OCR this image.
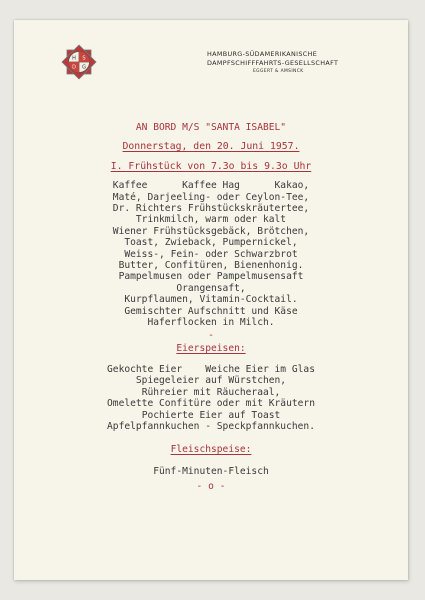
H S
D G
HAMBURG-SÜDAMERIKANISCHE
DAMPFSCHIFFFAHRTS-GESELLSCHAFT
EGGERT & AMSINCK
AN BORD M/S "SANTA ISABEL"
Donnerstag, den 20. Juni 1957.
I. Frühstück von 7.3o bis 9.3o Uhr
Kaffee      Kaffee Hag      Kakao,
Maté, Darjeeling- oder Ceylon-Tee,
Dr. Richters Frühstückskräutertee,
Trinkmilch, warm oder kalt
Wiener Frühstücksgebäck, Brötchen,
Toast, Zwieback, Pumpernickel,
Weiss-, Fein- oder Schwarzbrot
Butter, Confitüren, Bienenhonig.
Pampelmusen oder Pampelmusensaft
Orangensaft,
Kurpflaumen, Vitamin-Cocktail.
Gemischter Aufschnitt und Käse
Haferflocken in Milch.
-
Eierspeisen:
Gekochte Eier    Weiche Eier im Glas
Spiegeleier auf Würstchen,
Rühreier mit Räucheraal,
Omelette Confitüre oder mit Kräutern
Pochierte Eier auf Toast
Apfelpfannkuchen - Speckpfannkuchen.
Fleischspeise:
Fünf-Minuten-Fleisch
- o -
